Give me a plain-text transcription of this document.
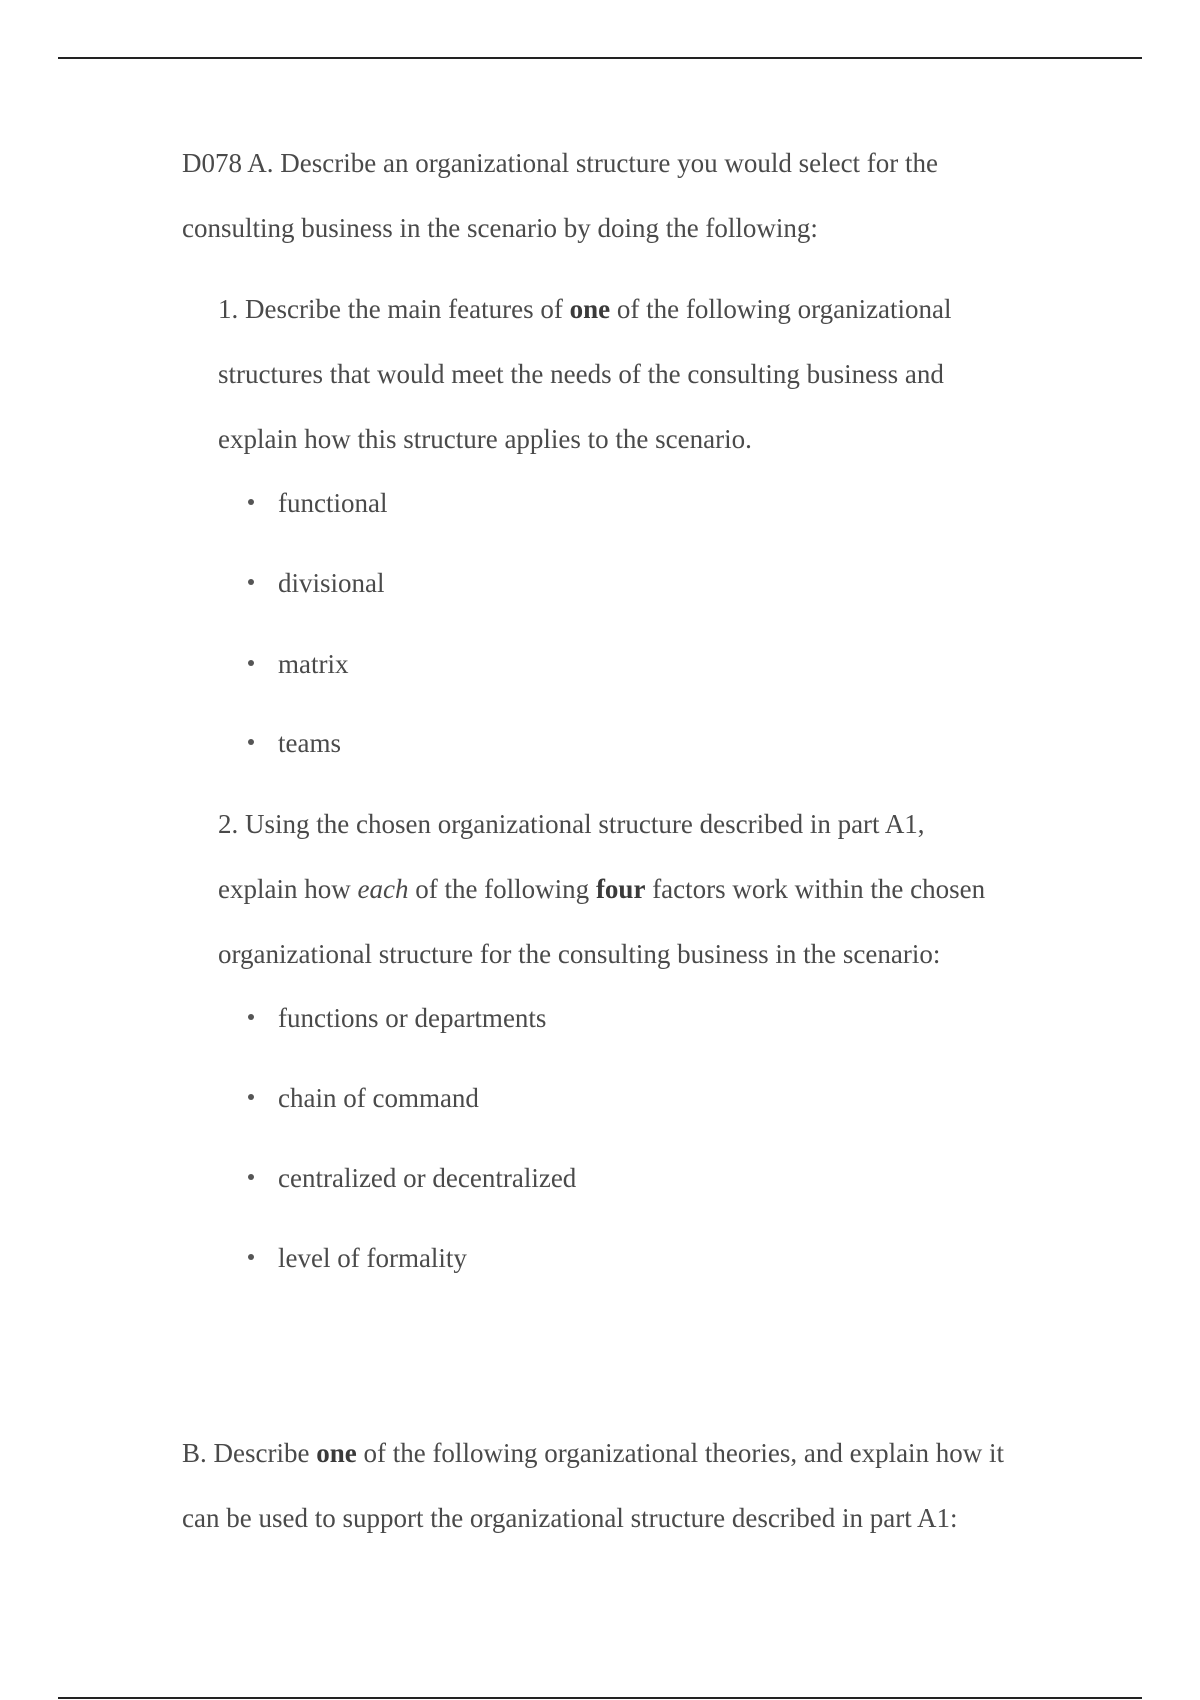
D078 A. Describe an organizational structure you would select for the
consulting business in the scenario by doing the following:
1. Describe the main features of one of the following organizational
structures that would meet the needs of the consulting business and
explain how this structure applies to the scenario.
functional
divisional
matrix
teams
2. Using the chosen organizational structure described in part A1,
explain how each of the following four factors work within the chosen
organizational structure for the consulting business in the scenario:
functions or departments
chain of command
centralized or decentralized
level of formality
B. Describe one of the following organizational theories, and explain how it
can be used to support the organizational structure described in part A1:
